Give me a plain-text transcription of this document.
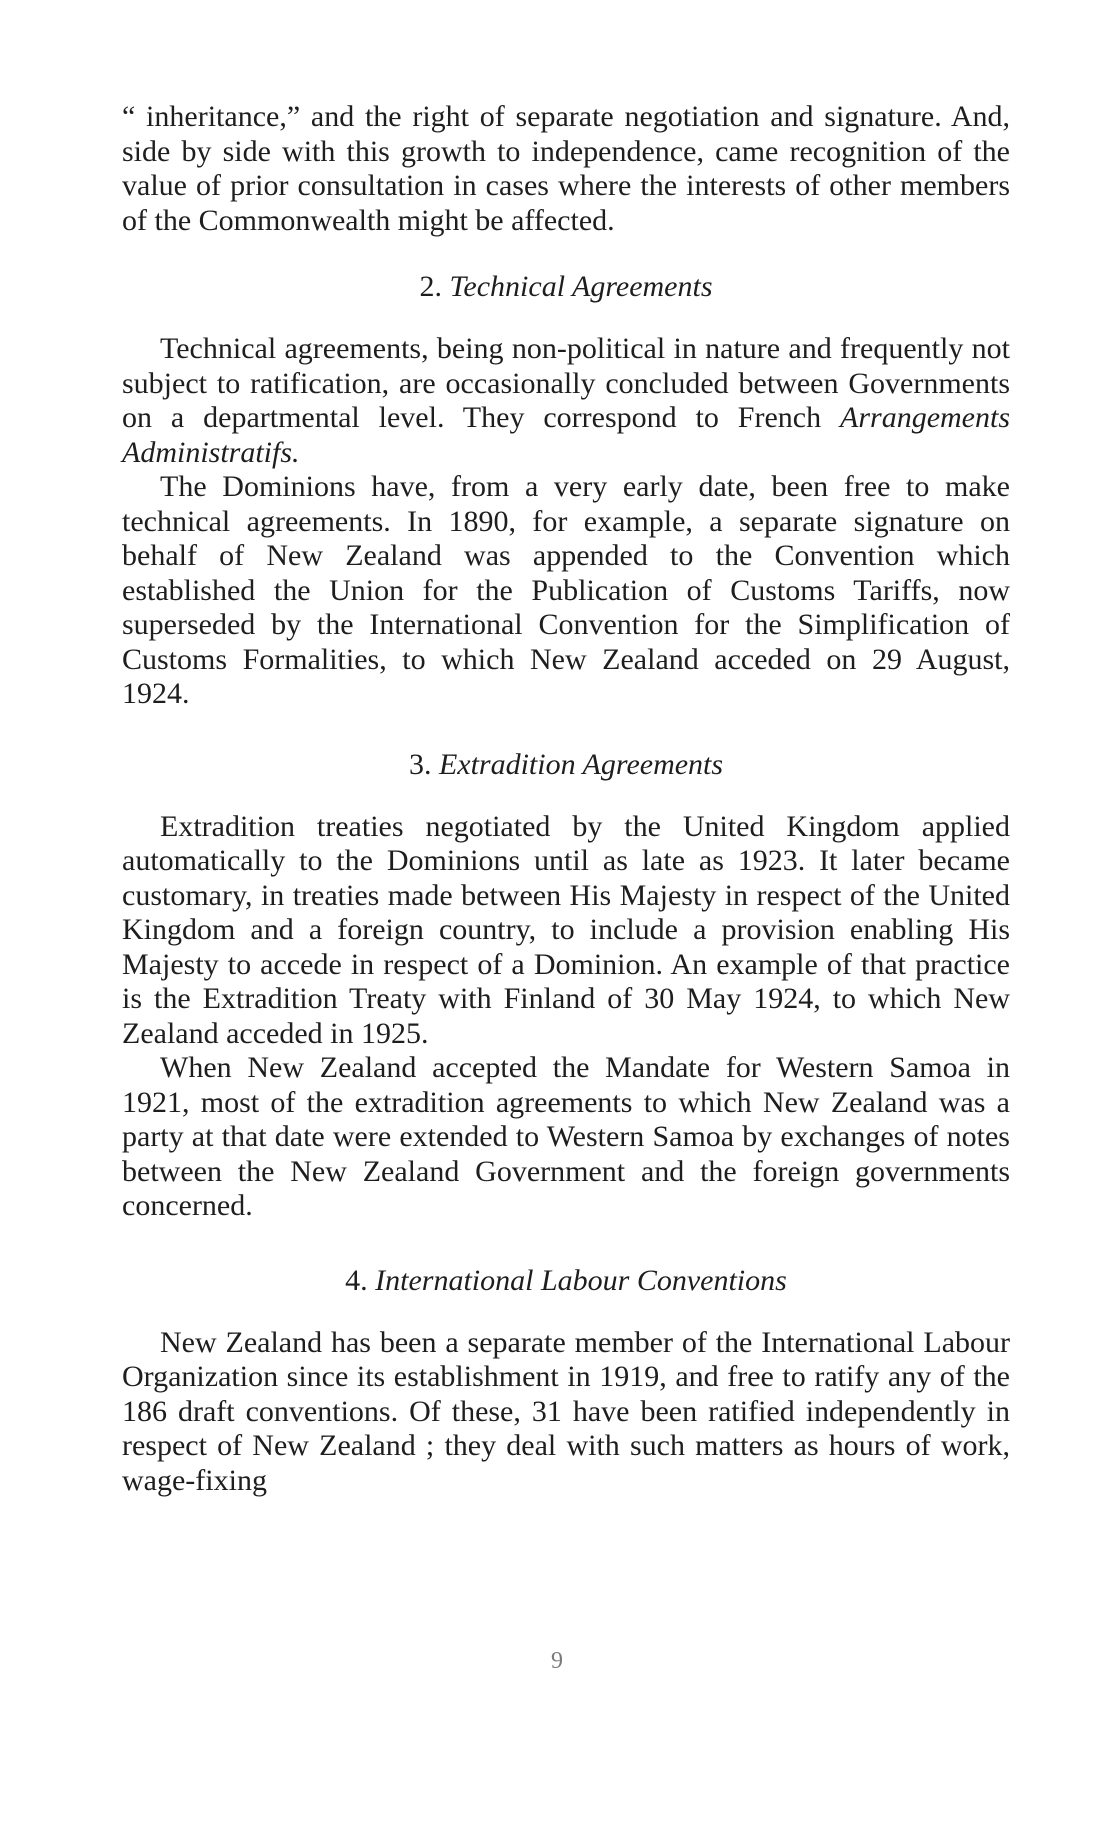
“ inheritance,” and the right of separate negotiation and signature. And, side by side with this growth to independence, came recognition of the value of prior consultation in cases where the interests of other members of the Commonwealth might be affected.

2. Technical Agreements

Technical agreements, being non-political in nature and frequently not subject to ratification, are occasionally concluded between Governments on a departmental level. They correspond to French Arrangements Administratifs.

The Dominions have, from a very early date, been free to make technical agreements. In 1890, for example, a separate signature on behalf of New Zealand was appended to the Convention which established the Union for the Publication of Customs Tariffs, now superseded by the International Convention for the Simplification of Customs Formalities, to which New Zealand acceded on 29 August, 1924.

3. Extradition Agreements

Extradition treaties negotiated by the United Kingdom applied automatically to the Dominions until as late as 1923. It later became customary, in treaties made between His Majesty in respect of the United Kingdom and a foreign country, to include a provision enabling His Majesty to accede in respect of a Dominion. An example of that practice is the Extradition Treaty with Finland of 30 May 1924, to which New Zealand acceded in 1925.

When New Zealand accepted the Mandate for Western Samoa in 1921, most of the extradition agreements to which New Zealand was a party at that date were extended to Western Samoa by exchanges of notes between the New Zealand Government and the foreign governments concerned.

4. International Labour Conventions

New Zealand has been a separate member of the International Labour Organization since its establishment in 1919, and free to ratify any of the 186 draft conventions. Of these, 31 have been ratified independently in respect of New Zealand ; they deal with such matters as hours of work, wage-fixing

9
